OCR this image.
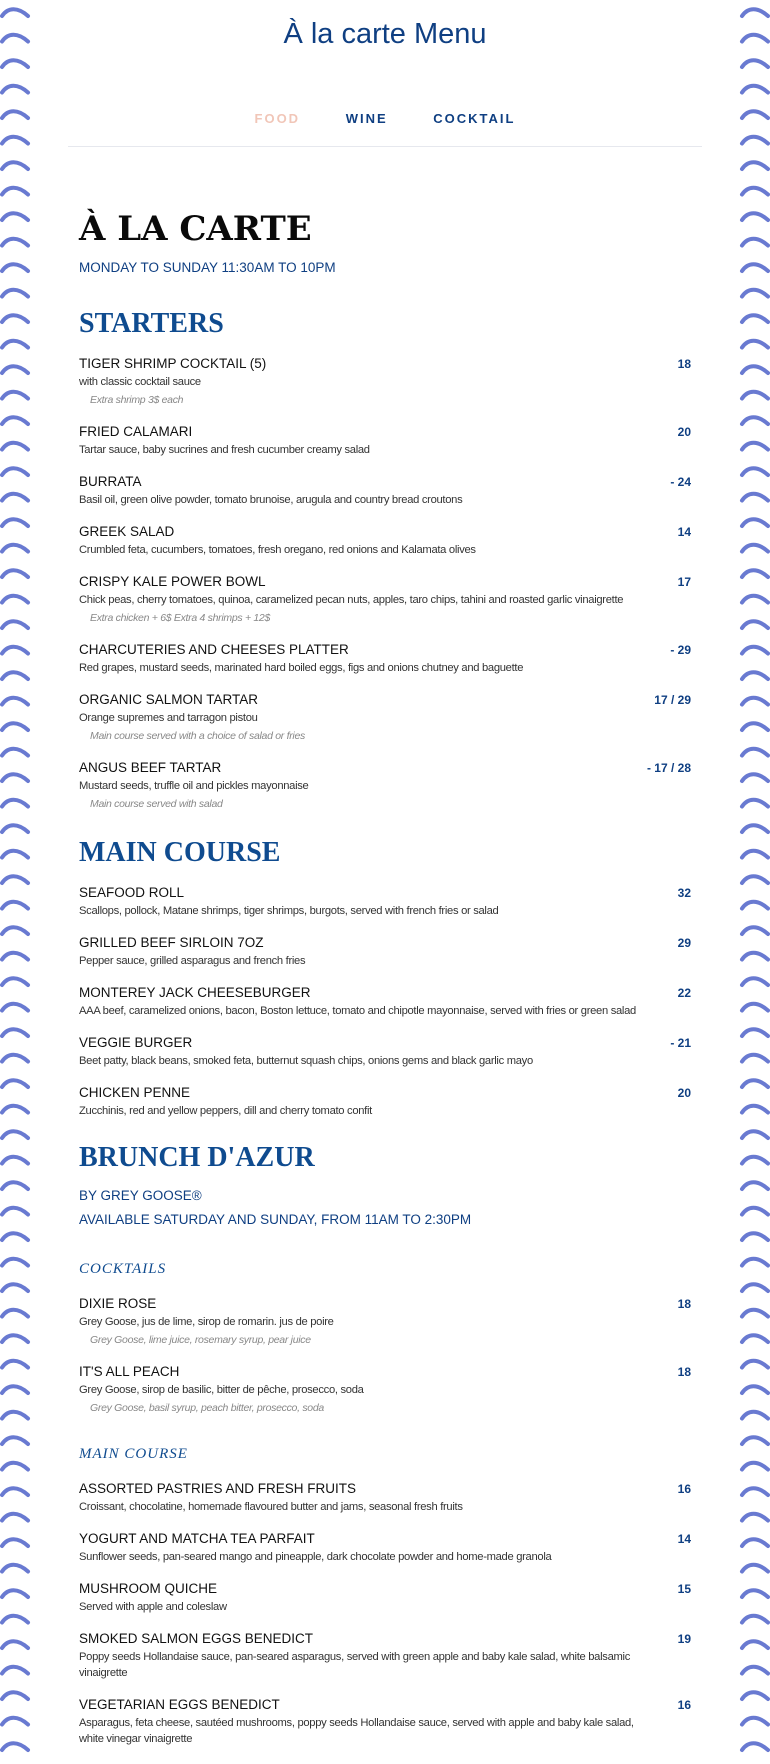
À la carte Menu
FOOD	WINE	COCKTAIL
À LA CARTE
MONDAY TO SUNDAY 11:30AM TO 10PM
STARTERS
TIGER SHRIMP COCKTAIL (5)	18
with classic cocktail sauce
Extra shrimp 3$ each
FRIED CALAMARI	20
Tartar sauce, baby sucrines and fresh cucumber creamy salad
BURRATA	- 24
Basil oil, green olive powder, tomato brunoise, arugula and country bread croutons
GREEK SALAD	14
Crumbled feta, cucumbers, tomatoes, fresh oregano, red onions and Kalamata olives
CRISPY KALE POWER BOWL	17
Chick peas, cherry tomatoes, quinoa, caramelized pecan nuts, apples, taro chips, tahini and roasted garlic vinaigrette
Extra chicken + 6$ Extra 4 shrimps + 12$
CHARCUTERIES AND CHEESES PLATTER	- 29
Red grapes, mustard seeds, marinated hard boiled eggs, figs and onions chutney and baguette
ORGANIC SALMON TARTAR	17 / 29
Orange supremes and tarragon pistou
Main course served with a choice of salad or fries
ANGUS BEEF TARTAR	- 17 / 28
Mustard seeds, truffle oil and pickles mayonnaise
Main course served with salad
MAIN COURSE
SEAFOOD ROLL	32
Scallops, pollock, Matane shrimps, tiger shrimps, burgots, served with french fries or salad
GRILLED BEEF SIRLOIN 7OZ	29
Pepper sauce, grilled asparagus and french fries
MONTEREY JACK CHEESEBURGER	22
AAA beef, caramelized onions, bacon, Boston lettuce, tomato and chipotle mayonnaise, served with fries or green salad
VEGGIE BURGER	- 21
Beet patty, black beans, smoked feta, butternut squash chips, onions gems and black garlic mayo
CHICKEN PENNE	20
Zucchinis, red and yellow peppers, dill and cherry tomato confit
BRUNCH D'AZUR
BY GREY GOOSE®
AVAILABLE SATURDAY AND SUNDAY, FROM 11AM TO 2:30PM
COCKTAILS
DIXIE ROSE	18
Grey Goose, jus de lime, sirop de romarin. jus de poire
Grey Goose, lime juice, rosemary syrup, pear juice
IT'S ALL PEACH	18
Grey Goose, sirop de basilic, bitter de pêche, prosecco, soda
Grey Goose, basil syrup, peach bitter, prosecco, soda
MAIN COURSE
ASSORTED PASTRIES AND FRESH FRUITS	16
Croissant, chocolatine, homemade flavoured butter and jams, seasonal fresh fruits
YOGURT AND MATCHA TEA PARFAIT	14
Sunflower seeds, pan-seared mango and pineapple, dark chocolate powder and home-made granola
MUSHROOM QUICHE	15
Served with apple and coleslaw
SMOKED SALMON EGGS BENEDICT	19
Poppy seeds Hollandaise sauce, pan-seared asparagus, served with green apple and baby kale salad, white balsamic vinaigrette
VEGETARIAN EGGS BENEDICT	16
Asparagus, feta cheese, sautéed mushrooms, poppy seeds Hollandaise sauce, served with apple and baby kale salad, white vinegar vinaigrette
